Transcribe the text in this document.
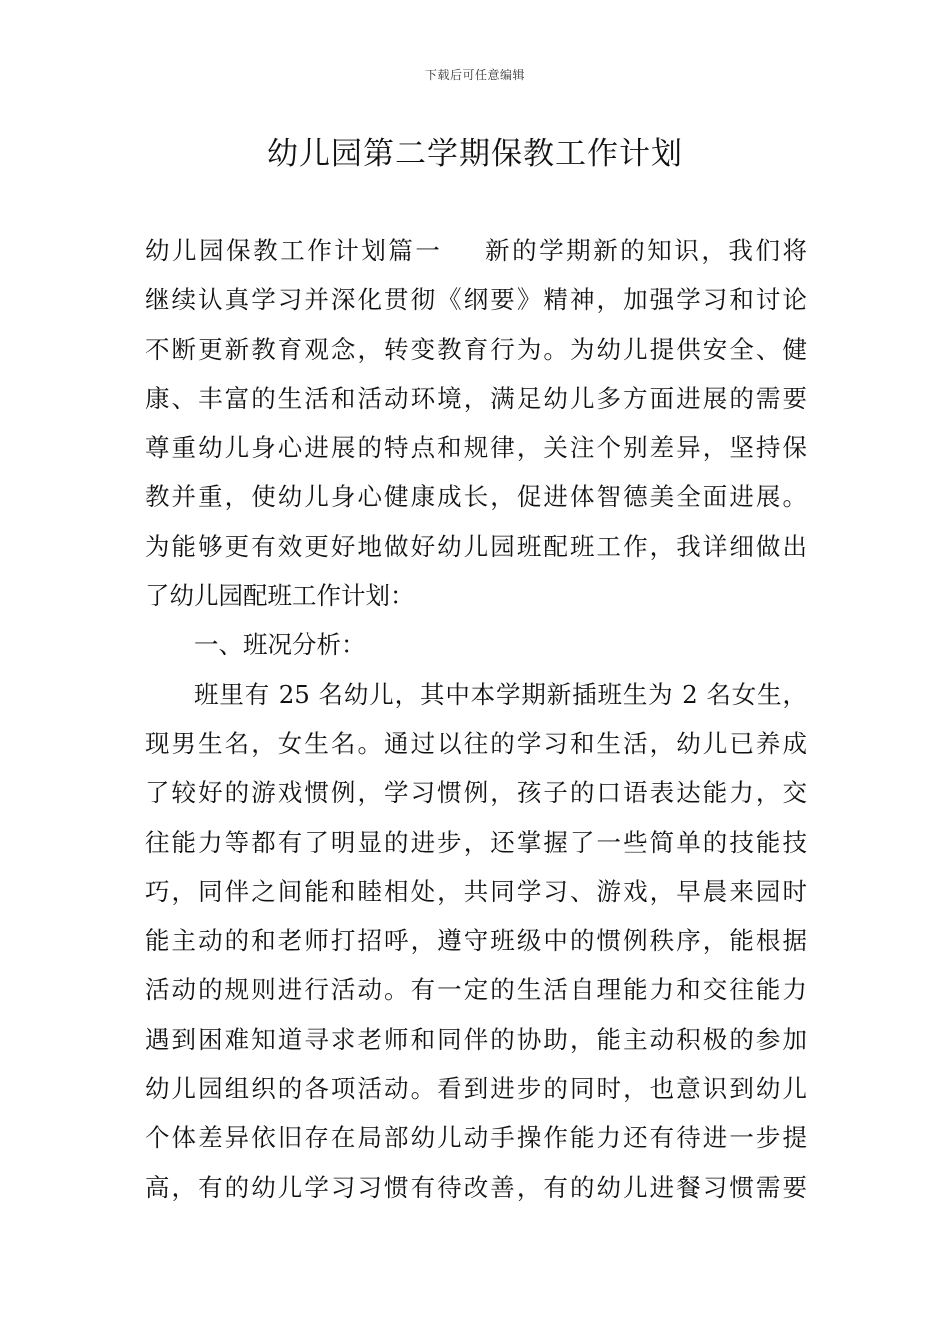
下载后可任意编辑
幼儿园第二学期保教工作计划
幼儿园保教工作计划篇一 新的学期新的知识，我们将
继续认真学习并深化贯彻《纲要》精神，加强学习和讨论
不断更新教育观念，转变教育行为。为幼儿提供安全、健
康、丰富的生活和活动环境，满足幼儿多方面进展的需要
尊重幼儿身心进展的特点和规律，关注个别差异，坚持保
教并重，使幼儿身心健康成长，促进体智德美全面进展。
为能够更有效更好地做好幼儿园班配班工作，我详细做出
了幼儿园配班工作计划：
一、班况分析：
班里有 25 名幼儿，其中本学期新插班生为 2 名女生，
现男生名，女生名。通过以往的学习和生活，幼儿已养成
了较好的游戏惯例，学习惯例，孩子的口语表达能力，交
往能力等都有了明显的进步，还掌握了一些简单的技能技
巧，同伴之间能和睦相处，共同学习、游戏，早晨来园时
能主动的和老师打招呼，遵守班级中的惯例秩序，能根据
活动的规则进行活动。有一定的生活自理能力和交往能力
遇到困难知道寻求老师和同伴的协助，能主动积极的参加
幼儿园组织的各项活动。看到进步的同时，也意识到幼儿
个体差异依旧存在局部幼儿动手操作能力还有待进一步提
高，有的幼儿学习习惯有待改善，有的幼儿进餐习惯需要
